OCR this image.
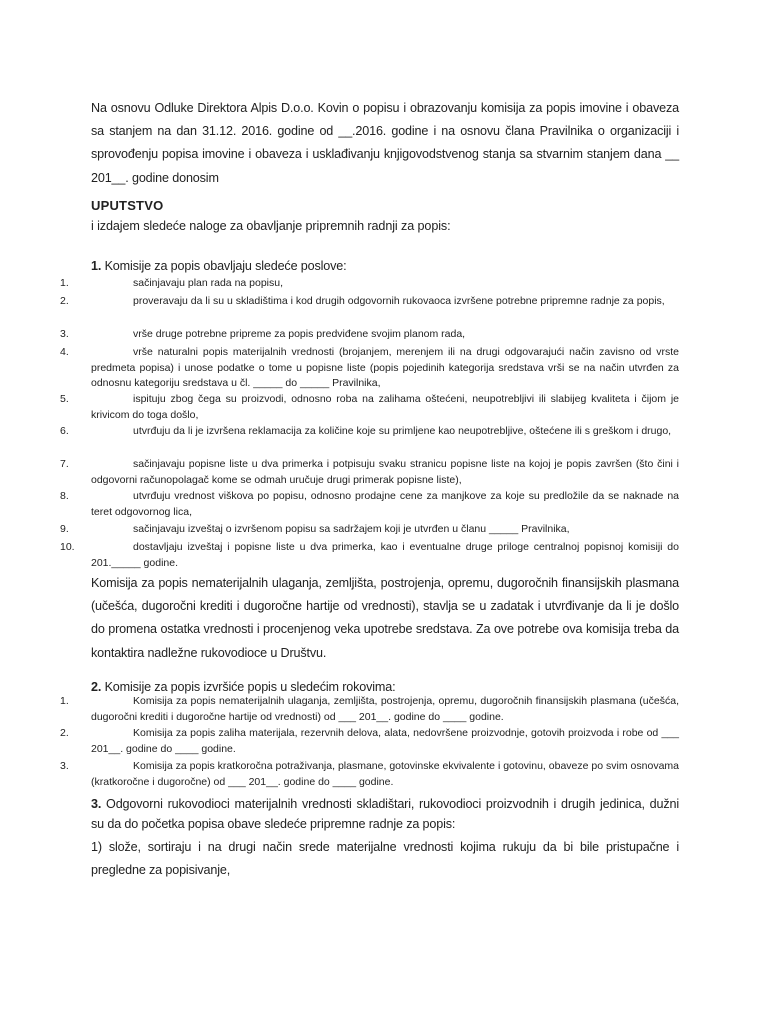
Na osnovu Odluke Direktora Alpis D.o.o. Kovin o popisu i obrazovanju komisija za popis imovine i obaveza sa stanjem na dan 31.12. 2016. godine od __.2016. godine i na osnovu člana Pravilnika o organizaciji i sprovođenju popisa imovine i obaveza i usklađivanju knjigovodstvenog stanja sa stvarnim stanjem dana __ 201__. godine donosim
UPUTSTVO
i izdajem sledeće naloge za obavljanje pripremnih radnji za popis:
1. Komisije za popis obavljaju sledeće poslove:
1.	sačinjavaju plan rada na popisu,
2.	proveravaju da li su u skladištima i kod drugih odgovornih rukovaoca izvršene potrebne pripremne radnje za popis,
3.	vrše druge potrebne pripreme za popis predviđene svojim planom rada,
4.	vrše naturalni popis materijalnih vrednosti (brojanjem, merenjem ili na drugi odgovarajući način zavisno od vrste predmeta popisa) i unose podatke o tome u popisne liste (popis pojedinih kategorija sredstava vrši se na način utvrđen za odnosnu kategoriju sredstava u čl. _____ do _____ Pravilnika,
5.	ispituju zbog čega su proizvodi, odnosno roba na zalihama oštećeni, neupotrebljivi ili slabijeg kvaliteta i čijom je krivicom do toga došlo,
6.	utvrđuju da li je izvršena reklamacija za količine koje su primljene kao neupotrebljive, oštećene ili s greškom i drugo,
7.	sačinjavaju popisne liste u dva primerka i potpisuju svaku stranicu popisne liste na kojoj je popis završen (što čini i odgovorni računopolagač kome se odmah uručuje drugi primerak popisne liste),
8.	utvrđuju vrednost viškova po popisu, odnosno prodajne cene za manjkove za koje su predložile da se naknade na teret odgovornog lica,
9.	sačinjavaju izveštaj o izvršenom popisu sa sadržajem koji je utvrđen u članu _____ Pravilnika,
10.	dostavljaju izveštaj i popisne liste u dva primerka, kao i eventualne druge priloge centralnoj popisnoj komisiji do 201._____ godine.
Komisija za popis nematerijalnih ulaganja, zemljišta, postrojenja, opremu, dugoročnih finansijskih plasmana (učešća, dugoročni krediti i dugoročne hartije od vrednosti), stavlja se u zadatak i utvrđivanje da li je došlo do promena ostatka vrednosti i procenjenog veka upotrebe sredstava. Za ove potrebe ova komisija treba da kontaktira nadležne rukovodioce u Društvu.
2. Komisije za popis izvršiće popis u sledećim rokovima:
1.	Komisija za popis nematerijalnih ulaganja, zemljišta, postrojenja, opremu, dugoročnih finansijskih plasmana (učešća, dugoročni krediti i dugoročne hartije od vrednosti) od ___ 201__. godine do ____ godine.
2.	Komisija za popis zaliha materijala, rezervnih delova, alata, nedovršene proizvodnje, gotovih proizvoda i robe od ___ 201__. godine do ____ godine.
3.	Komisija za popis kratkoročna potraživanja, plasmane, gotovinske ekvivalente i gotovinu, obaveze po svim osnovama (kratkoročne i dugoročne) od ___ 201__. godine do ____ godine.
3. Odgovorni rukovodioci materijalnih vrednosti skladištari, rukovodioci proizvodnih i drugih jedinica, dužni su da do početka popisa obave sledeće pripremne radnje za popis:
1) slože, sortiraju i na drugi način srede materijalne vrednosti kojima rukuju da bi bile pristupačne i pregledne za popisivanje,
